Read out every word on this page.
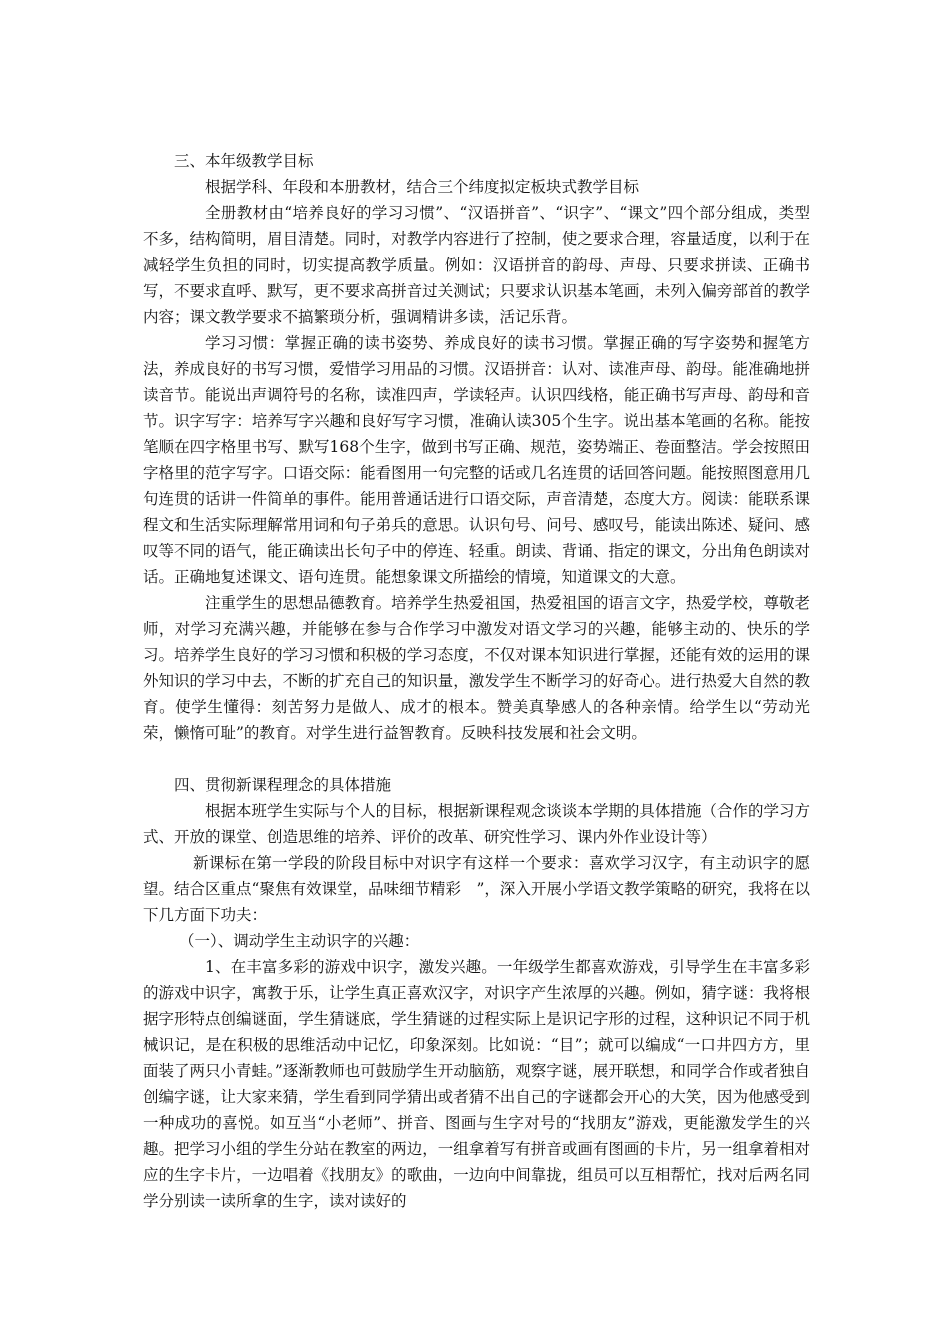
三、本年级教学目标

根据学科、年段和本册教材，结合三个纬度拟定板块式教学目标

全册教材由“培养良好的学习习惯”、“汉语拼音”、“识字”、“课文”四个部分组成，类型不多，结构简明，眉目清楚。同时，对教学内容进行了控制，使之要求合理，容量适度，以利于在减轻学生负担的同时，切实提高教学质量。例如：汉语拼音的韵母、声母、只要求拼读、正确书写，不要求直呼、默写，更不要求高拼音过关测试；只要求认识基本笔画，未列入偏旁部首的教学内容；课文教学要求不搞繁琐分析，强调精讲多读，活记乐背。

学习习惯：掌握正确的读书姿势、养成良好的读书习惯。掌握正确的写字姿势和握笔方法，养成良好的书写习惯，爱惜学习用品的习惯。汉语拼音：认对、读准声母、韵母。能准确地拼读音节。能说出声调符号的名称，读准四声，学读轻声。认识四线格，能正确书写声母、韵母和音节。识字写字：培养写字兴趣和良好写字习惯，准确认读305个生字。说出基本笔画的名称。能按笔顺在四字格里书写、默写168个生字，做到书写正确、规范，姿势端正、卷面整洁。学会按照田字格里的范字写字。口语交际：能看图用一句完整的话或几名连贯的话回答问题。能按照图意用几句连贯的话讲一件简单的事件。能用普通话进行口语交际，声音清楚，态度大方。阅读：能联系课程文和生活实际理解常用词和句子弟兵的意思。认识句号、问号、感叹号，能读出陈述、疑问、感叹等不同的语气，能正确读出长句子中的停连、轻重。朗读、背诵、指定的课文，分出角色朗读对话。正确地复述课文、语句连贯。能想象课文所描绘的情境，知道课文的大意。

注重学生的思想品德教育。培养学生热爱祖国，热爱祖国的语言文字，热爱学校，尊敬老师，对学习充满兴趣，并能够在参与合作学习中激发对语文学习的兴趣，能够主动的、快乐的学习。培养学生良好的学习习惯和积极的学习态度，不仅对课本知识进行掌握，还能有效的运用的课外知识的学习中去，不断的扩充自己的知识量，激发学生不断学习的好奇心。进行热爱大自然的教育。使学生懂得：刻苦努力是做人、成才的根本。赞美真挚感人的各种亲情。给学生以“劳动光荣，懒惰可耻”的教育。对学生进行益智教育。反映科技发展和社会文明。

四、贯彻新课程理念的具体措施

根据本班学生实际与个人的目标，根据新课程观念谈谈本学期的具体措施（合作的学习方式、开放的课堂、创造思维的培养、评价的改革、研究性学习、课内外作业设计等）

新课标在第一学段的阶段目标中对识字有这样一个要求：喜欢学习汉字，有主动识字的愿望。结合区重点“聚焦有效课堂，品味细节精彩　”，深入开展小学语文教学策略的研究，我将在以下几方面下功夫：

（一）、调动学生主动识字的兴趣：

1、在丰富多彩的游戏中识字，激发兴趣。一年级学生都喜欢游戏，引导学生在丰富多彩的游戏中识字，寓教于乐，让学生真正喜欢汉字，对识字产生浓厚的兴趣。例如，猜字谜：我将根据字形特点创编谜面，学生猜谜底，学生猜谜的过程实际上是识记字形的过程，这种识记不同于机械识记，是在积极的思维活动中记忆，印象深刻。比如说：“目”；就可以编成“一口井四方方，里面装了两只小青蛙。”逐渐教师也可鼓励学生开动脑筋，观察字谜，展开联想，和同学合作或者独自创编字谜，让大家来猜，学生看到同学猜出或者猜不出自己的字谜都会开心的大笑，因为他感受到一种成功的喜悦。如互当“小老师”、拼音、图画与生字对号的“找朋友”游戏，更能激发学生的兴趣。把学习小组的学生分站在教室的两边，一组拿着写有拼音或画有图画的卡片，另一组拿着相对应的生字卡片，一边唱着《找朋友》的歌曲，一边向中间靠拢，组员可以互相帮忙，找对后两名同学分别读一读所拿的生字，读对读好的
